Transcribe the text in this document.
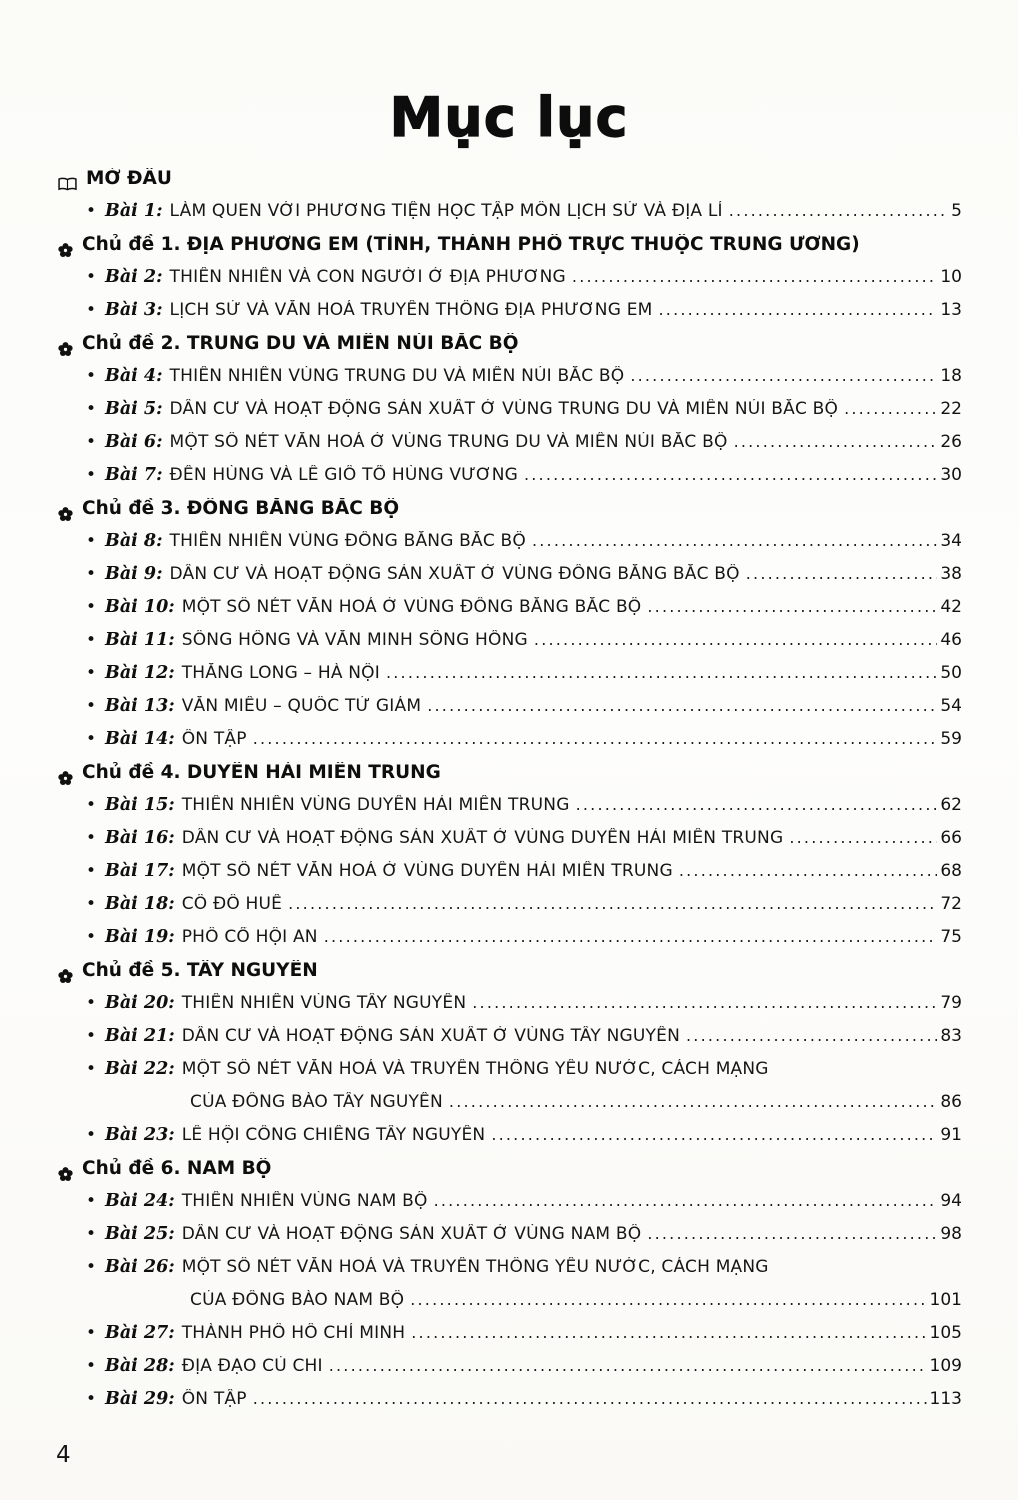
Mục lục
MỞ ĐẦU
•
Bài 1: LÀM QUEN VỚI PHƯƠNG TIỆN HỌC TẬP MÔN LỊCH SỬ VÀ ĐỊA LÍ .....	5
Chủ đề 1. ĐỊA PHƯƠNG EM (TỈNH, THÀNH PHỐ TRỰC THUỘC TRUNG ƯƠNG)
•
Bài 2: THIÊN NHIÊN VÀ CON NGƯỜI Ở ĐỊA PHƯƠNG .....	10
•
Bài 3: LỊCH SỬ VÀ VĂN HOÁ TRUYỀN THỐNG ĐỊA PHƯƠNG EM .....	13
Chủ đề 2. TRUNG DU VÀ MIỀN NÚI BẮC BỘ
•
Bài 4: THIÊN NHIÊN VÙNG TRUNG DU VÀ MIỀN NÚI BẮC BỘ .....	18
•
Bài 5: DÂN CƯ VÀ HOẠT ĐỘNG SẢN XUẤT Ở VÙNG TRUNG DU VÀ MIỀN NÚI BẮC BỘ .....	22
•
Bài 6: MỘT SỐ NÉT VĂN HOÁ Ở VÙNG TRUNG DU VÀ MIỀN NÚI BẮC BỘ .....	26
•
Bài 7: ĐỀN HÙNG VÀ LỄ GIỖ TỔ HÙNG VƯƠNG .....	30
Chủ đề 3. ĐỒNG BẰNG BẮC BỘ
•
Bài 8: THIÊN NHIÊN VÙNG ĐỒNG BẰNG BẮC BỘ .....	34
•
Bài 9: DÂN CƯ VÀ HOẠT ĐỘNG SẢN XUẤT Ở VÙNG ĐỒNG BẰNG BẮC BỘ .....	38
•
Bài 10: MỘT SỐ NÉT VĂN HOÁ Ở VÙNG ĐỒNG BẰNG BẮC BỘ .....	42
•
Bài 11: SÔNG HỒNG VÀ VĂN MINH SÔNG HỒNG .....	46
•
Bài 12: THĂNG LONG – HÀ NỘI .....	50
•
Bài 13: VĂN MIẾU – QUỐC TỬ GIÁM .....	54
•
Bài 14: ÔN TẬP .....	59
Chủ đề 4. DUYÊN HẢI MIỀN TRUNG
•
Bài 15: THIÊN NHIÊN VÙNG DUYÊN HẢI MIỀN TRUNG .....	62
•
Bài 16: DÂN CƯ VÀ HOẠT ĐỘNG SẢN XUẤT Ở VÙNG DUYÊN HẢI MIỀN TRUNG .....	66
•
Bài 17: MỘT SỐ NÉT VĂN HOÁ Ở VÙNG DUYÊN HẢI MIỀN TRUNG .....	68
•
Bài 18: CỐ ĐÔ HUẾ .....	72
•
Bài 19: PHỐ CỔ HỘI AN .....	75
Chủ đề 5. TÂY NGUYÊN
•
Bài 20: THIÊN NHIÊN VÙNG TÂY NGUYÊN .....	79
•
Bài 21: DÂN CƯ VÀ HOẠT ĐỘNG SẢN XUẤT Ở VÙNG TÂY NGUYÊN .....	83
•
Bài 22: MỘT SỐ NÉT VĂN HOÁ VÀ TRUYỀN THỐNG YÊU NƯỚC, CÁCH MẠNG
CỦA ĐỒNG BÀO TÂY NGUYÊN .....	86
•
Bài 23: LỄ HỘI CỒNG CHIÊNG TÂY NGUYÊN .....	91
Chủ đề 6. NAM BỘ
•
Bài 24: THIÊN NHIÊN VÙNG NAM BỘ .....	94
•
Bài 25: DÂN CƯ VÀ HOẠT ĐỘNG SẢN XUẤT Ở VÙNG NAM BỘ .....	98
•
Bài 26: MỘT SỐ NÉT VĂN HOÁ VÀ TRUYỀN THỐNG YÊU NƯỚC, CÁCH MẠNG
CỦA ĐỒNG BÀO NAM BỘ .....	101
•
Bài 27: THÀNH PHỐ HỒ CHÍ MINH .....	105
•
Bài 28: ĐỊA ĐẠO CỦ CHI .....	109
•
Bài 29: ÔN TẬP .....	113
4
